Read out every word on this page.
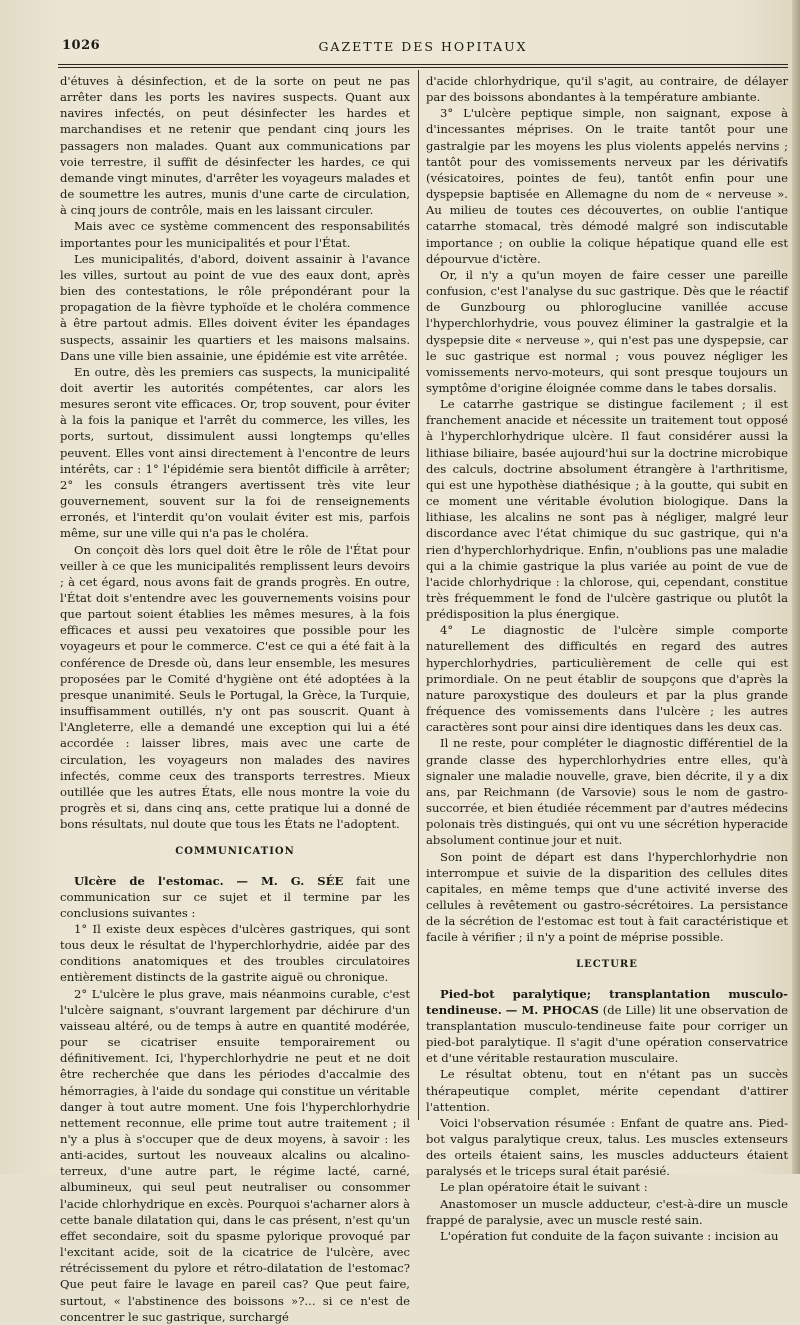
1026	GAZETTE DES HOPITAUX

d'étuves à désinfection, et de la sorte on peut ne pas arrêter dans les ports les navires suspects. Quant aux navires infectés, on peut désinfecter les hardes et marchandises et ne retenir que pendant cinq jours les passagers non malades. Quant aux communications par voie terrestre, il suffit de désinfecter les hardes, ce qui demande vingt minutes, d'arrêter les voyageurs malades et de soumettre les autres, munis d'une carte de circulation, à cinq jours de contrôle, mais en les laissant circuler.

Mais avec ce système commencent des responsabilités importantes pour les municipalités et pour l'État.

Les municipalités, d'abord, doivent assainir à l'avance les villes, surtout au point de vue des eaux dont, après bien des contestations, le rôle prépondérant pour la propagation de la fièvre typhoïde et le choléra commence à être partout admis. Elles doivent éviter les épandages suspects, assainir les quartiers et les maisons malsains. Dans une ville bien assainie, une épidémie est vite arrêtée.

En outre, dès les premiers cas suspects, la municipalité doit avertir les autorités compétentes, car alors les mesures seront vite efficaces. Or, trop souvent, pour éviter à la fois la panique et l'arrêt du commerce, les villes, les ports, surtout, dissimulent aussi longtemps qu'elles peuvent. Elles vont ainsi directement à l'encontre de leurs intérêts, car : 1° l'épidémie sera bientôt difficile à arrêter; 2° les consuls étrangers avertissent très vite leur gouvernement, souvent sur la foi de renseignements erronés, et l'interdit qu'on voulait éviter est mis, parfois même, sur une ville qui n'a pas le choléra.

On conçoit dès lors quel doit être le rôle de l'État pour veiller à ce que les municipalités remplissent leurs devoirs ; à cet égard, nous avons fait de grands progrès. En outre, l'État doit s'entendre avec les gouvernements voisins pour que partout soient établies les mêmes mesures, à la fois efficaces et aussi peu vexatoires que possible pour les voyageurs et pour le commerce. C'est ce qui a été fait à la conférence de Dresde où, dans leur ensemble, les mesures proposées par le Comité d'hygiène ont été adoptées à la presque unanimité. Seuls le Portugal, la Grèce, la Turquie, insuffisamment outillés, n'y ont pas souscrit. Quant à l'Angleterre, elle a demandé une exception qui lui a été accordée : laisser libres, mais avec une carte de circulation, les voyageurs non malades des navires infectés, comme ceux des transports terrestres. Mieux outillée que les autres États, elle nous montre la voie du progrès et si, dans cinq ans, cette pratique lui a donné de bons résultats, nul doute que tous les États ne l'adoptent.

COMMUNICATION

Ulcère de l'estomac. — M. G. SÉE fait une communication sur ce sujet et il termine par les conclusions suivantes :

1° Il existe deux espèces d'ulcères gastriques, qui sont tous deux le résultat de l'hyperchlorhydrie, aidée par des conditions anatomiques et des troubles circulatoires entièrement distincts de la gastrite aiguë ou chronique.

2° L'ulcère le plus grave, mais néanmoins curable, c'est l'ulcère saignant, s'ouvrant largement par déchirure d'un vaisseau altéré, ou de temps à autre en quantité modérée, pour se cicatriser ensuite temporairement ou définitivement. Ici, l'hyperchlorhydrie ne peut et ne doit être recherchée que dans les périodes d'accalmie des hémorragies, à l'aide du sondage qui constitue un véritable danger à tout autre moment. Une fois l'hyperchlorhydrie nettement reconnue, elle prime tout autre traitement ; il n'y a plus à s'occuper que de deux moyens, à savoir : les anti-acides, surtout les nouveaux alcalins ou alcalino-terreux, d'une autre part, le régime lacté, carné, albumineux, qui seul peut neutraliser ou consommer l'acide chlorhydrique en excès. Pourquoi s'acharner alors à cette banale dilatation qui, dans le cas présent, n'est qu'un effet secondaire, soit du spasme pylorique provoqué par l'excitant acide, soit de la cicatrice de l'ulcère, avec rétrécissement du pylore et rétro-dilatation de l'estomac? Que peut faire le lavage en pareil cas? Que peut faire, surtout, « l'abstinence des boissons »?... si ce n'est de concentrer le suc gastrique, surchargé

d'acide chlorhydrique, qu'il s'agit, au contraire, de délayer par des boissons abondantes à la température ambiante.

3° L'ulcère peptique simple, non saignant, expose à d'incessantes méprises. On le traite tantôt pour une gastralgie par les moyens les plus violents appelés nervins ; tantôt pour des vomissements nerveux par les dérivatifs (vésicatoires, pointes de feu), tantôt enfin pour une dyspepsie baptisée en Allemagne du nom de « nerveuse ». Au milieu de toutes ces découvertes, on oublie l'antique catarrhe stomacal, très démodé malgré son indiscutable importance ; on oublie la colique hépatique quand elle est dépourvue d'ictère.

Or, il n'y a qu'un moyen de faire cesser une pareille confusion, c'est l'analyse du suc gastrique. Dès que le réactif de Gunzbourg ou phloroglucine vanillée accuse l'hyperchlorhydrie, vous pouvez éliminer la gastralgie et la dyspepsie dite « nerveuse », qui n'est pas une dyspepsie, car le suc gastrique est normal ; vous pouvez négliger les vomissements nervo-moteurs, qui sont presque toujours un symptôme d'origine éloignée comme dans le tabes dorsalis.

Le catarrhe gastrique se distingue facilement ; il est franchement anacide et nécessite un traitement tout opposé à l'hyperchlorhydrique ulcère. Il faut considérer aussi la lithiase biliaire, basée aujourd'hui sur la doctrine microbique des calculs, doctrine absolument étrangère à l'arthritisme, qui est une hypothèse diathésique ; à la goutte, qui subit en ce moment une véritable évolution biologique. Dans la lithiase, les alcalins ne sont pas à négliger, malgré leur discordance avec l'état chimique du suc gastrique, qui n'a rien d'hyperchlorhydrique. Enfin, n'oublions pas une maladie qui a la chimie gastrique la plus variée au point de vue de l'acide chlorhydrique : la chlorose, qui, cependant, constitue très fréquemment le fond de l'ulcère gastrique ou plutôt la prédisposition la plus énergique.

4° Le diagnostic de l'ulcère simple comporte naturellement des difficultés en regard des autres hyperchlorhydries, particulièrement de celle qui est primordiale. On ne peut établir de soupçons que d'après la nature paroxystique des douleurs et par la plus grande fréquence des vomissements dans l'ulcère ; les autres caractères sont pour ainsi dire identiques dans les deux cas.

Il ne reste, pour compléter le diagnostic différentiel de la grande classe des hyperchlorhydries entre elles, qu'à signaler une maladie nouvelle, grave, bien décrite, il y a dix ans, par Reichmann (de Varsovie) sous le nom de gastro-succorrée, et bien étudiée récemment par d'autres médecins polonais très distingués, qui ont vu une sécrétion hyperacide absolument continue jour et nuit.

Son point de départ est dans l'hyperchlorhydrie non interrompue et suivie de la disparition des cellules dites capitales, en même temps que d'une activité inverse des cellules à revêtement ou gastro-sécrétoires. La persistance de la sécrétion de l'estomac est tout à fait caractéristique et facile à vérifier ; il n'y a point de méprise possible.

LECTURE

Pied-bot paralytique; transplantation musculo-tendineuse. — M. PHOCAS (de Lille) lit une observation de transplantation musculo-tendineuse faite pour corriger un pied-bot paralytique. Il s'agit d'une opération conservatrice et d'une véritable restauration musculaire.

Le résultat obtenu, tout en n'étant pas un succès thérapeutique complet, mérite cependant d'attirer l'attention.

Voici l'observation résumée : Enfant de quatre ans. Pied-bot valgus paralytique creux, talus. Les muscles extenseurs des orteils étaient sains, les muscles adducteurs étaient paralysés et le triceps sural était parésié.

Le plan opératoire était le suivant :

Anastomoser un muscle adducteur, c'est-à-dire un muscle frappé de paralysie, avec un muscle resté sain.

L'opération fut conduite de la façon suivante : incision au
